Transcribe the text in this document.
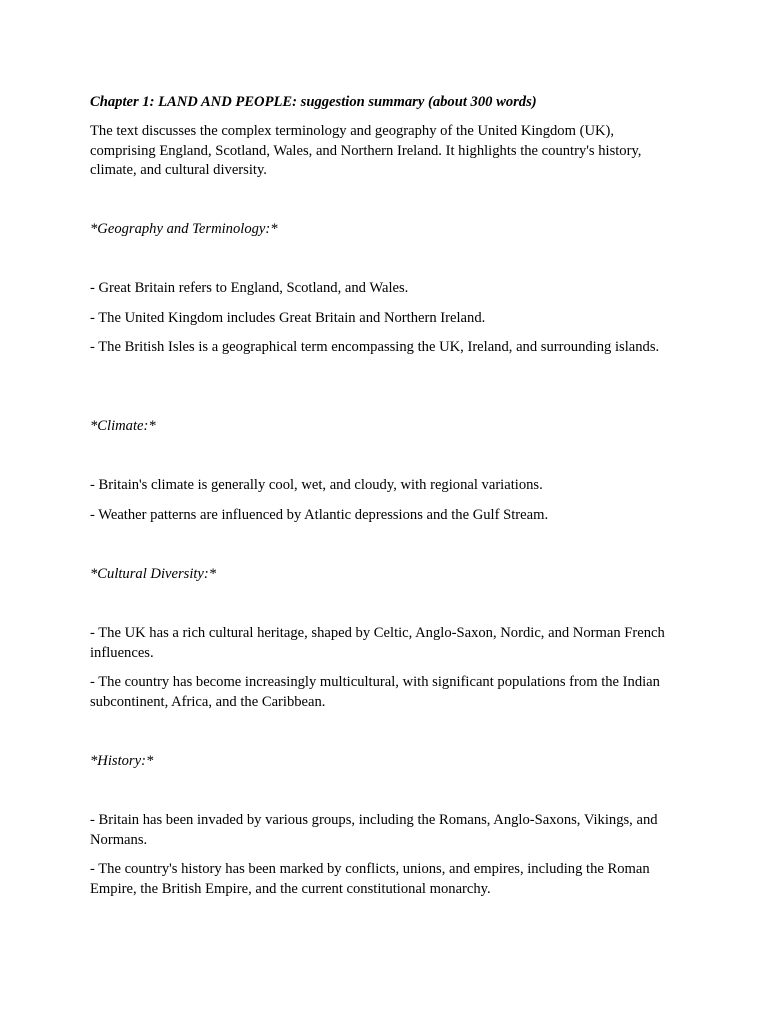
Chapter 1: LAND AND PEOPLE: suggestion summary (about 300 words)
The text discusses the complex terminology and geography of the United Kingdom (UK), comprising England, Scotland, Wales, and Northern Ireland. It highlights the country's history, climate, and cultural diversity.
*Geography and Terminology:*
- Great Britain refers to England, Scotland, and Wales.
- The United Kingdom includes Great Britain and Northern Ireland.
- The British Isles is a geographical term encompassing the UK, Ireland, and surrounding islands.
*Climate:*
- Britain's climate is generally cool, wet, and cloudy, with regional variations.
- Weather patterns are influenced by Atlantic depressions and the Gulf Stream.
*Cultural Diversity:*
- The UK has a rich cultural heritage, shaped by Celtic, Anglo-Saxon, Nordic, and Norman French influences.
- The country has become increasingly multicultural, with significant populations from the Indian subcontinent, Africa, and the Caribbean.
*History:*
- Britain has been invaded by various groups, including the Romans, Anglo-Saxons, Vikings, and Normans.
- The country's history has been marked by conflicts, unions, and empires, including the Roman Empire, the British Empire, and the current constitutional monarchy.
